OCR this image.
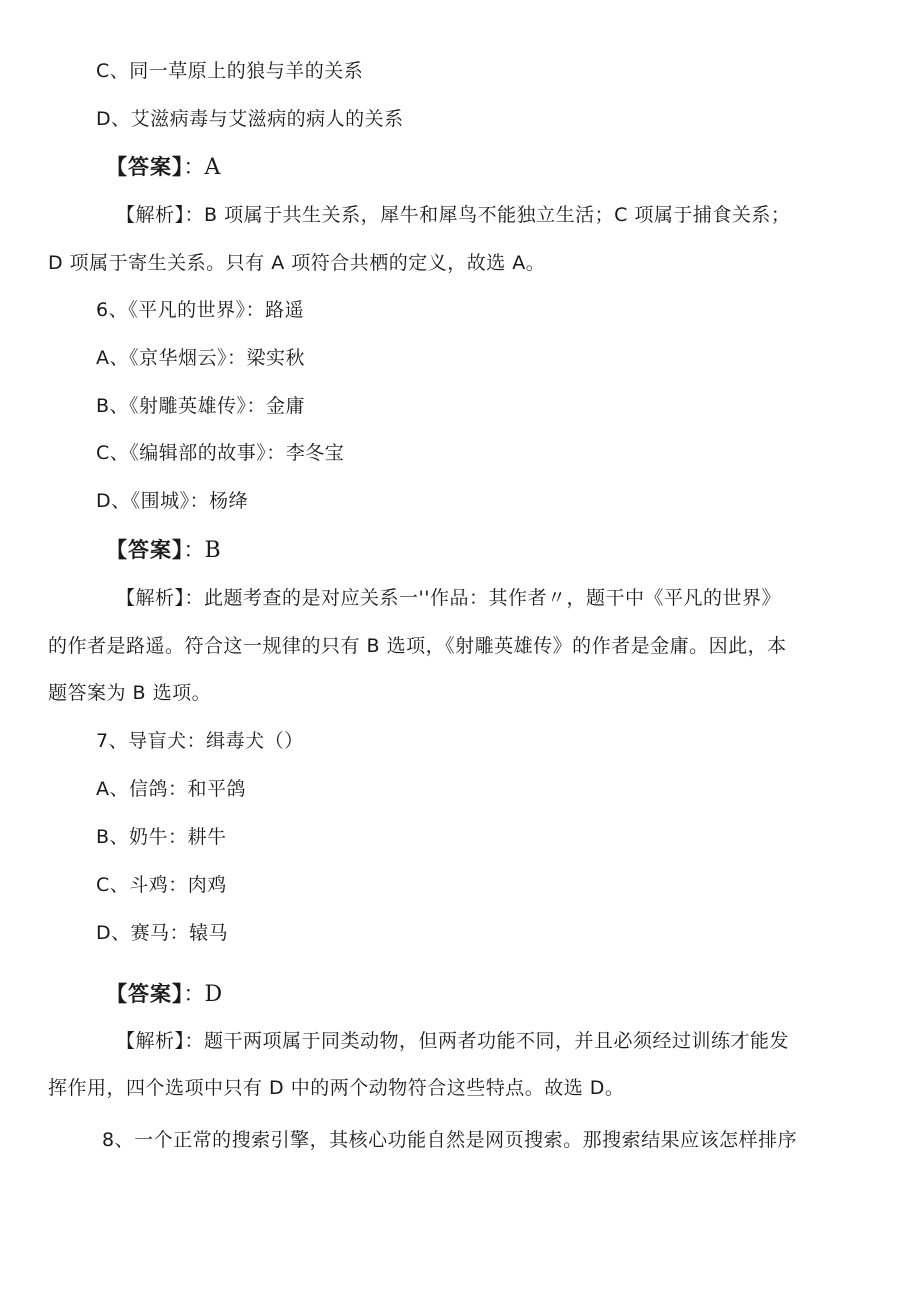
C、同一草原上的狼与羊的关系
D、艾滋病毒与艾滋病的病人的关系
【答案】：A
【解析】：B 项属于共生关系，犀牛和犀鸟不能独立生活；C 项属于捕食关系；
D 项属于寄生关系。只有 A 项符合共栖的定义，故选 A。
6、《平凡的世界》：路遥
A、《京华烟云》：梁实秋
B、《射雕英雄传》：金庸
C、《编辑部的故事》：李冬宝
D、《围城》：杨绛
【答案】：B
【解析】：此题考查的是对应关系一''作品：其作者〃，题干中《平凡的世界》
的作者是路遥。符合这一规律的只有 B 选项，《射雕英雄传》的作者是金庸。因此，本
题答案为 B 选项。
7、导盲犬：缉毒犬（）
A、信鸽：和平鸽
B、奶牛：耕牛
C、斗鸡：肉鸡
D、赛马：辕马
【答案】：D
【解析】：题干两项属于同类动物，但两者功能不同，并且必须经过训练才能发
挥作用，四个选项中只有 D 中的两个动物符合这些特点。故选 D。
8、一个正常的搜索引擎，其核心功能自然是网页搜索。那搜索结果应该怎样排序
